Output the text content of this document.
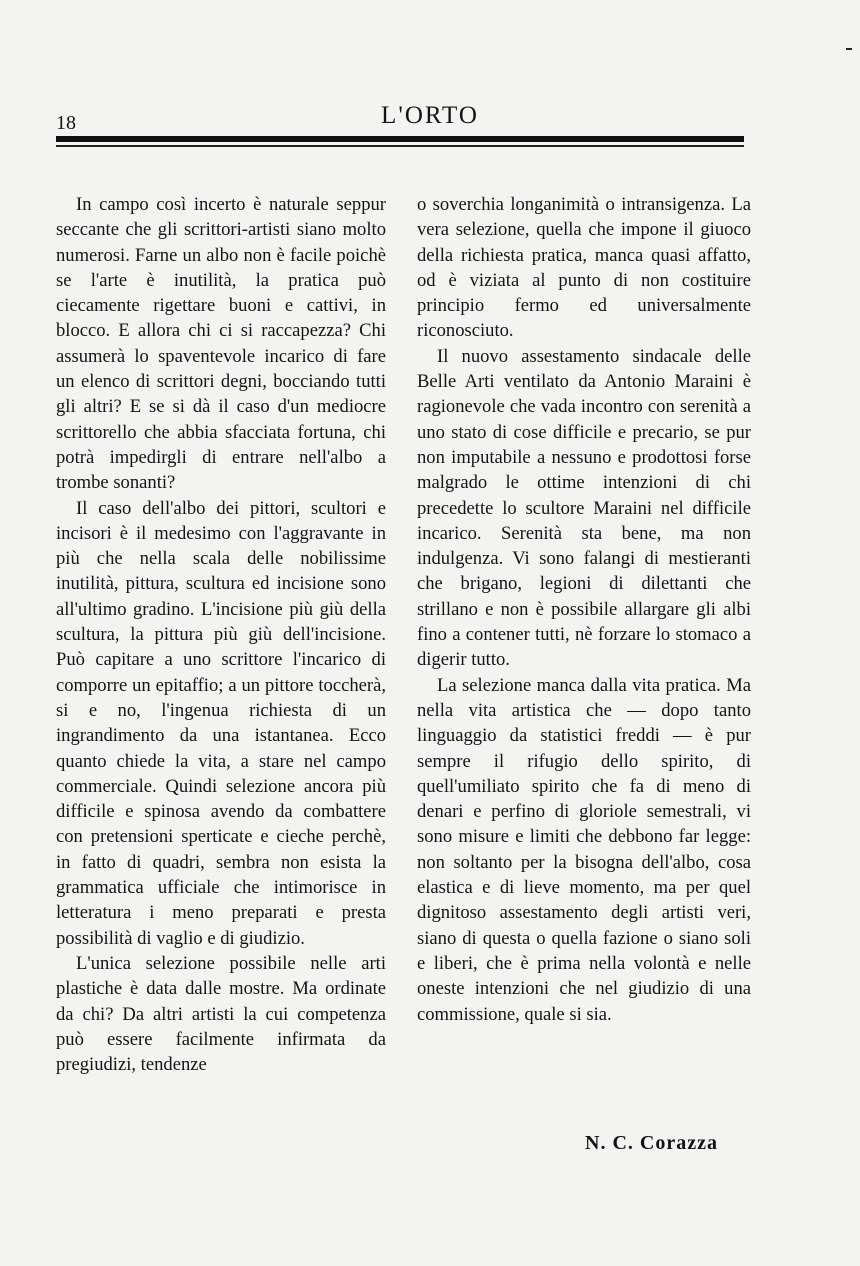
18	L'ORTO

In campo così incerto è naturale seppur seccante che gli scrittori-artisti siano molto numerosi. Farne un albo non è facile poichè se l'arte è inutilità, la pratica può ciecamente rigettare buoni e cattivi, in blocco. E allora chi ci si raccapezza? Chi assumerà lo spaventevole incarico di fare un elenco di scrittori degni, bocciando tutti gli altri? E se si dà il caso d'un mediocre scrittorello che abbia sfacciata fortuna, chi potrà impedirgli di entrare nell'albo a trombe sonanti?

Il caso dell'albo dei pittori, scultori e incisori è il medesimo con l'aggravante in più che nella scala delle nobilissime inutilità, pittura, scultura ed incisione sono all'ultimo gradino. L'incisione più giù della scultura, la pittura più giù dell'incisione. Può capitare a uno scrittore l'incarico di comporre un epitaffio; a un pittore toccherà, si e no, l'ingenua richiesta di un ingrandimento da una istantanea. Ecco quanto chiede la vita, a stare nel campo commerciale. Quindi selezione ancora più difficile e spinosa avendo da combattere con pretensioni sperticate e cieche perchè, in fatto di quadri, sembra non esista la grammatica ufficiale che intimorisce in letteratura i meno preparati e presta possibilità di vaglio e di giudizio.

L'unica selezione possibile nelle arti plastiche è data dalle mostre. Ma ordinate da chi? Da altri artisti la cui competenza può essere facilmente infirmata da pregiudizi, tendenze

o soverchia longanimità o intransigenza. La vera selezione, quella che impone il giuoco della richiesta pratica, manca quasi affatto, od è viziata al punto di non costituire principio fermo ed universalmente riconosciuto.

Il nuovo assestamento sindacale delle Belle Arti ventilato da Antonio Maraini è ragionevole che vada incontro con serenità a uno stato di cose difficile e precario, se pur non imputabile a nessuno e prodottosi forse malgrado le ottime intenzioni di chi precedette lo scultore Maraini nel difficile incarico. Serenità sta bene, ma non indulgenza. Vi sono falangi di mestieranti che brigano, legioni di dilettanti che strillano e non è possibile allargare gli albi fino a contener tutti, nè forzare lo stomaco a digerir tutto.

La selezione manca dalla vita pratica. Ma nella vita artistica che — dopo tanto linguaggio da statistici freddi — è pur sempre il rifugio dello spirito, di quell'umiliato spirito che fa di meno di denari e perfino di gloriole semestrali, vi sono misure e limiti che debbono far legge: non soltanto per la bisogna dell'albo, cosa elastica e di lieve momento, ma per quel dignitoso assestamento degli artisti veri, siano di questa o quella fazione o siano soli e liberi, che è prima nella volontà e nelle oneste intenzioni che nel giudizio di una commissione, quale si sia.

N. C. Corazza
